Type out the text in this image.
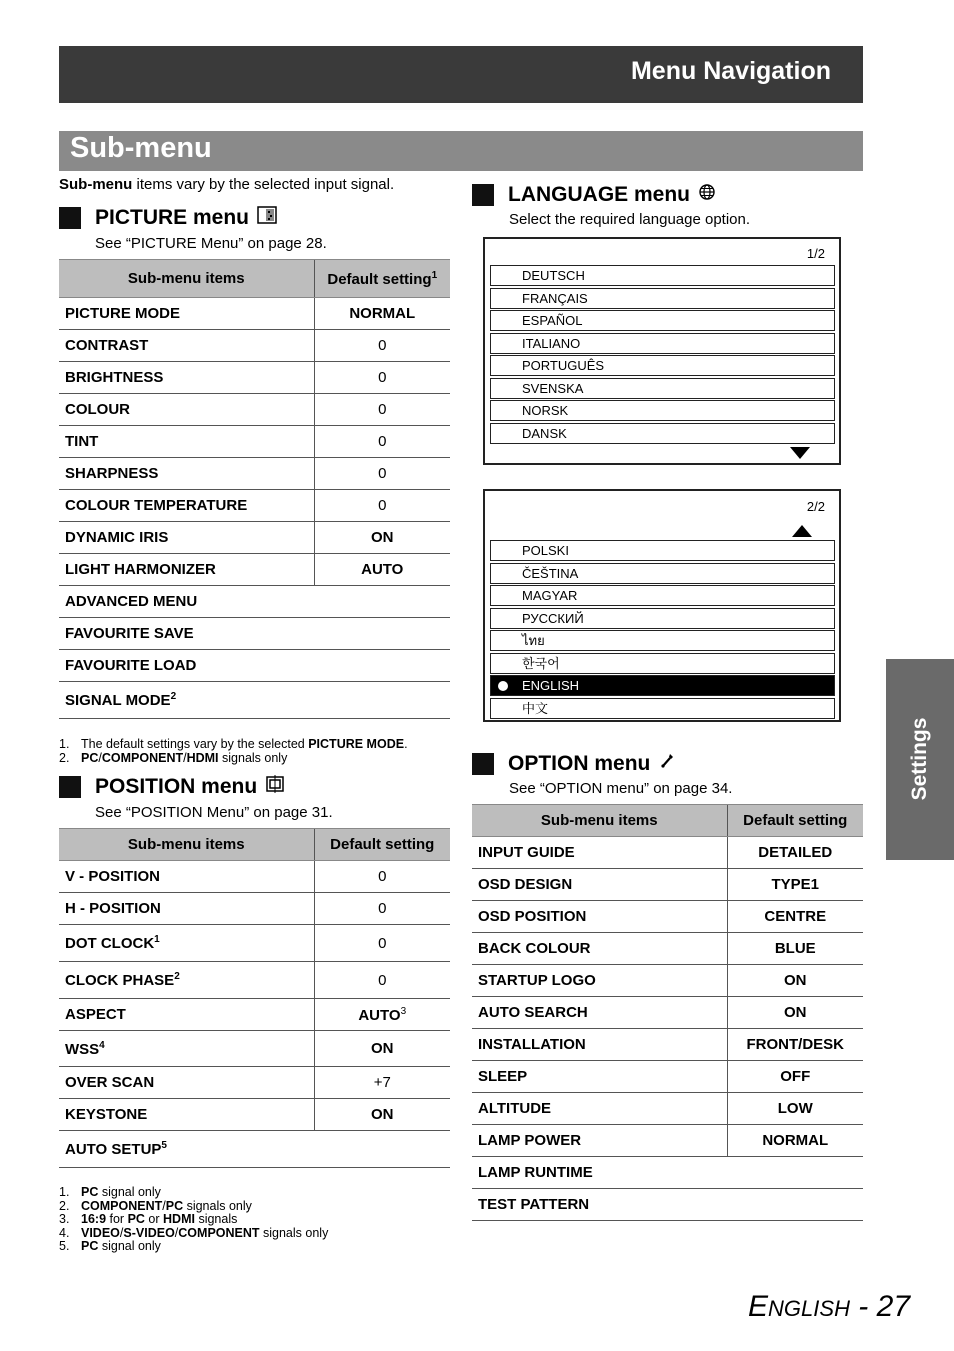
Menu Navigation
Sub-menu
Sub-menu items vary by the selected input signal.
PICTURE menu
See “PICTURE Menu” on page 28.
Sub-menu items	Default setting$^1$
PICTURE MODE	NORMAL
CONTRAST	0
BRIGHTNESS	0
COLOUR	0
TINT	0
SHARPNESS	0
COLOUR TEMPERATURE	0
DYNAMIC IRIS	ON
LIGHT HARMONIZER	AUTO
ADVANCED MENU	
FAVOURITE SAVE	
FAVOURITE LOAD	
SIGNAL MODE$^2$
1. The default settings vary by the selected PICTURE MODE.
2. PC/COMPONENT/HDMI signals only
POSITION menu
See “POSITION Menu” on page 31.
Sub-menu items	Default setting
V - POSITION	0
H - POSITION	0
DOT CLOCK$^1$	0
CLOCK PHASE$^2$	0
ASPECT	AUTO$^3$
WSS$^4$	ON
OVER SCAN	+7
KEYSTONE	ON
AUTO SETUP$^5$
1. PC signal only
2. COMPONENT/PC signals only
3. 16:9 for PC or HDMI signals
4. VIDEO/S-VIDEO/COMPONENT signals only
5. PC signal only
LANGUAGE menu
Select the required language option.
1/2
DEUTSCH
FRANÇAIS
ESPAÑOL
ITALIANO
PORTUGUÊS
SVENSKA
NORSK
DANSK
2/2
POLSKI
ČEŠTINA
MAGYAR
РУССКИЙ
ไทย
한국어
ENGLISH
中文
OPTION menu
See “OPTION menu” on page 34.
Sub-menu items	Default setting
INPUT GUIDE	DETAILED
OSD DESIGN	TYPE1
OSD POSITION	CENTRE
BACK COLOUR	BLUE
STARTUP LOGO	ON
AUTO SEARCH	ON
INSTALLATION	FRONT/DESK
SLEEP	OFF
ALTITUDE	LOW
LAMP POWER	NORMAL
LAMP RUNTIME	
TEST PATTERN	
Settings
ENGLISH - 27
